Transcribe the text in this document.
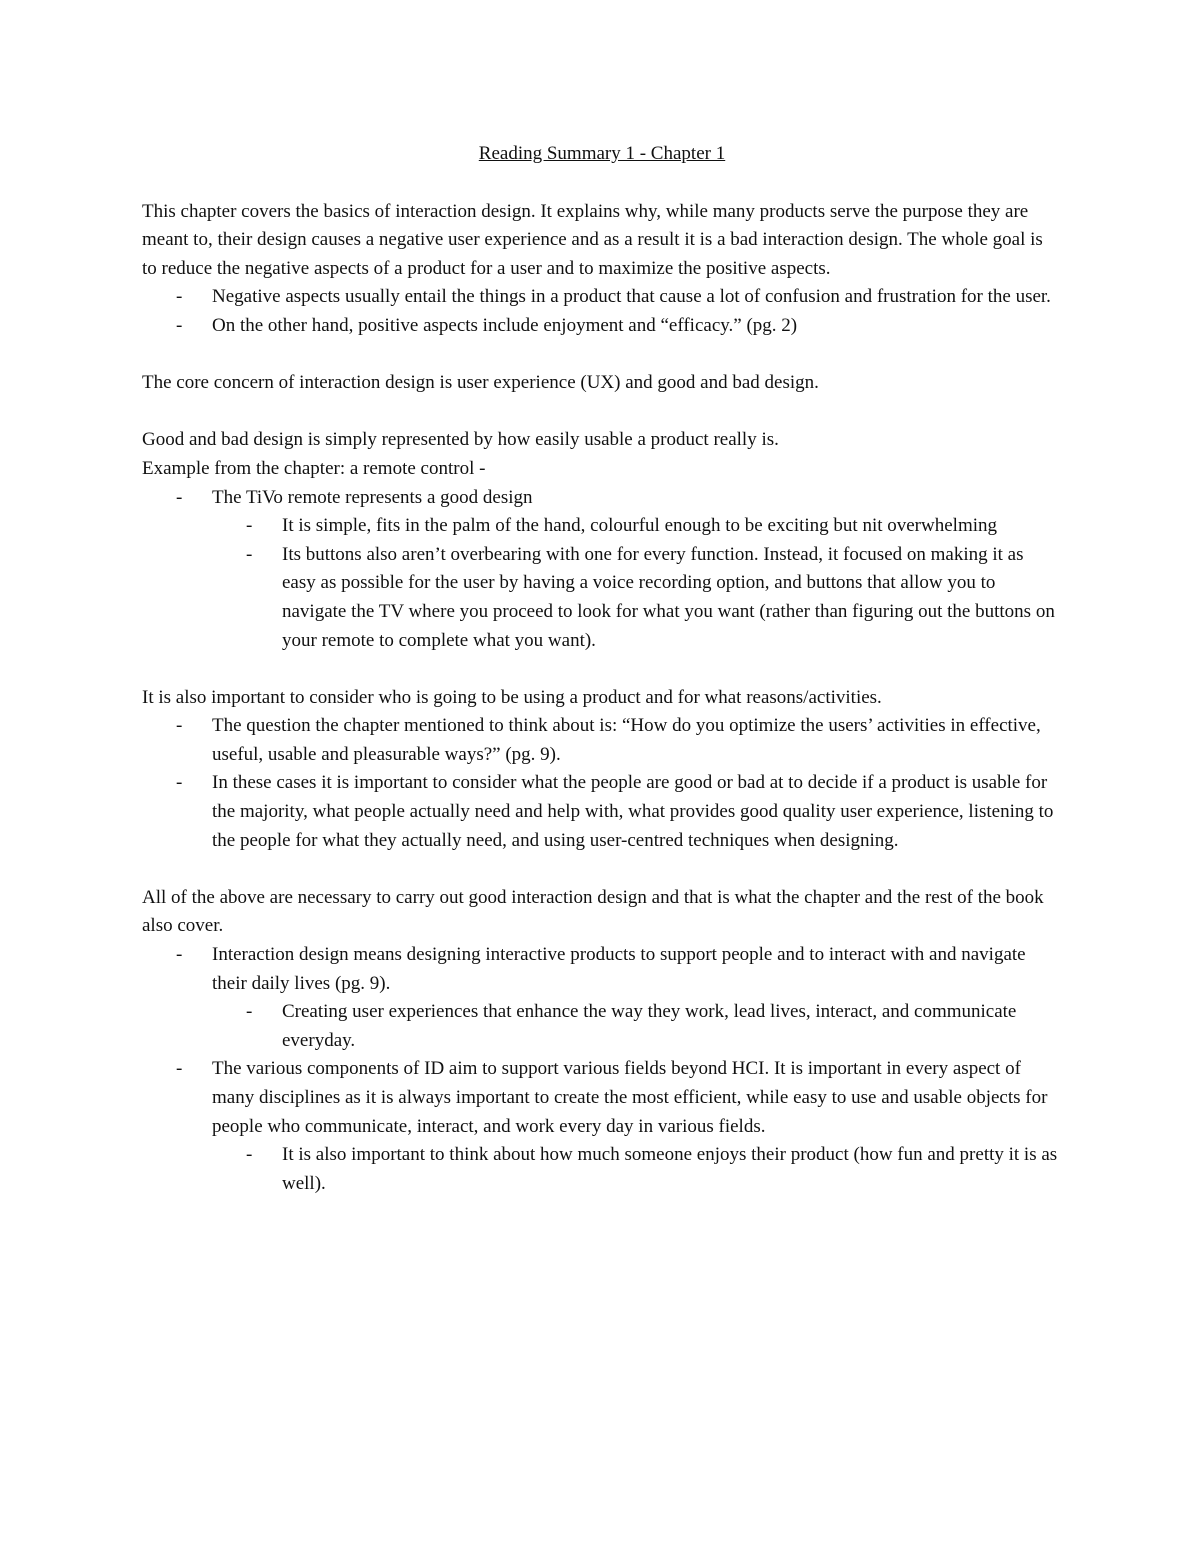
Reading Summary 1 - Chapter 1

This chapter covers the basics of interaction design. It explains why, while many products serve the purpose they are meant to, their design causes a negative user experience and as a result it is a bad interaction design. The whole goal is to reduce the negative aspects of a product for a user and to maximize the positive aspects.

- Negative aspects usually entail the things in a product that cause a lot of confusion and frustration for the user.
- On the other hand, positive aspects include enjoyment and “efficacy.” (pg. 2)

The core concern of interaction design is user experience (UX) and good and bad design.

Good and bad design is simply represented by how easily usable a product really is.

Example from the chapter: a remote control -

- The TiVo remote represents a good design
- It is simple, fits in the palm of the hand, colourful enough to be exciting but nit overwhelming
- Its buttons also aren’t overbearing with one for every function. Instead, it focused on making it as easy as possible for the user by having a voice recording option, and buttons that allow you to navigate the TV where you proceed to look for what you want (rather than figuring out the buttons on your remote to complete what you want).

It is also important to consider who is going to be using a product and for what reasons/activities.

- The question the chapter mentioned to think about is: “How do you optimize the users’ activities in effective, useful, usable and pleasurable ways?” (pg. 9).
- In these cases it is important to consider what the people are good or bad at to decide if a product is usable for the majority, what people actually need and help with, what provides good quality user experience, listening to the people for what they actually need, and using user-centred techniques when designing.

All of the above are necessary to carry out good interaction design and that is what the chapter and the rest of the book also cover.

- Interaction design means designing interactive products to support people and to interact with and navigate their daily lives (pg. 9).
- Creating user experiences that enhance the way they work, lead lives, interact, and communicate everyday.
- The various components of ID aim to support various fields beyond HCI. It is important in every aspect of many disciplines as it is always important to create the most efficient, while easy to use and usable objects for people who communicate, interact, and work every day in various fields.
- It is also important to think about how much someone enjoys their product (how fun and pretty it is as well).
